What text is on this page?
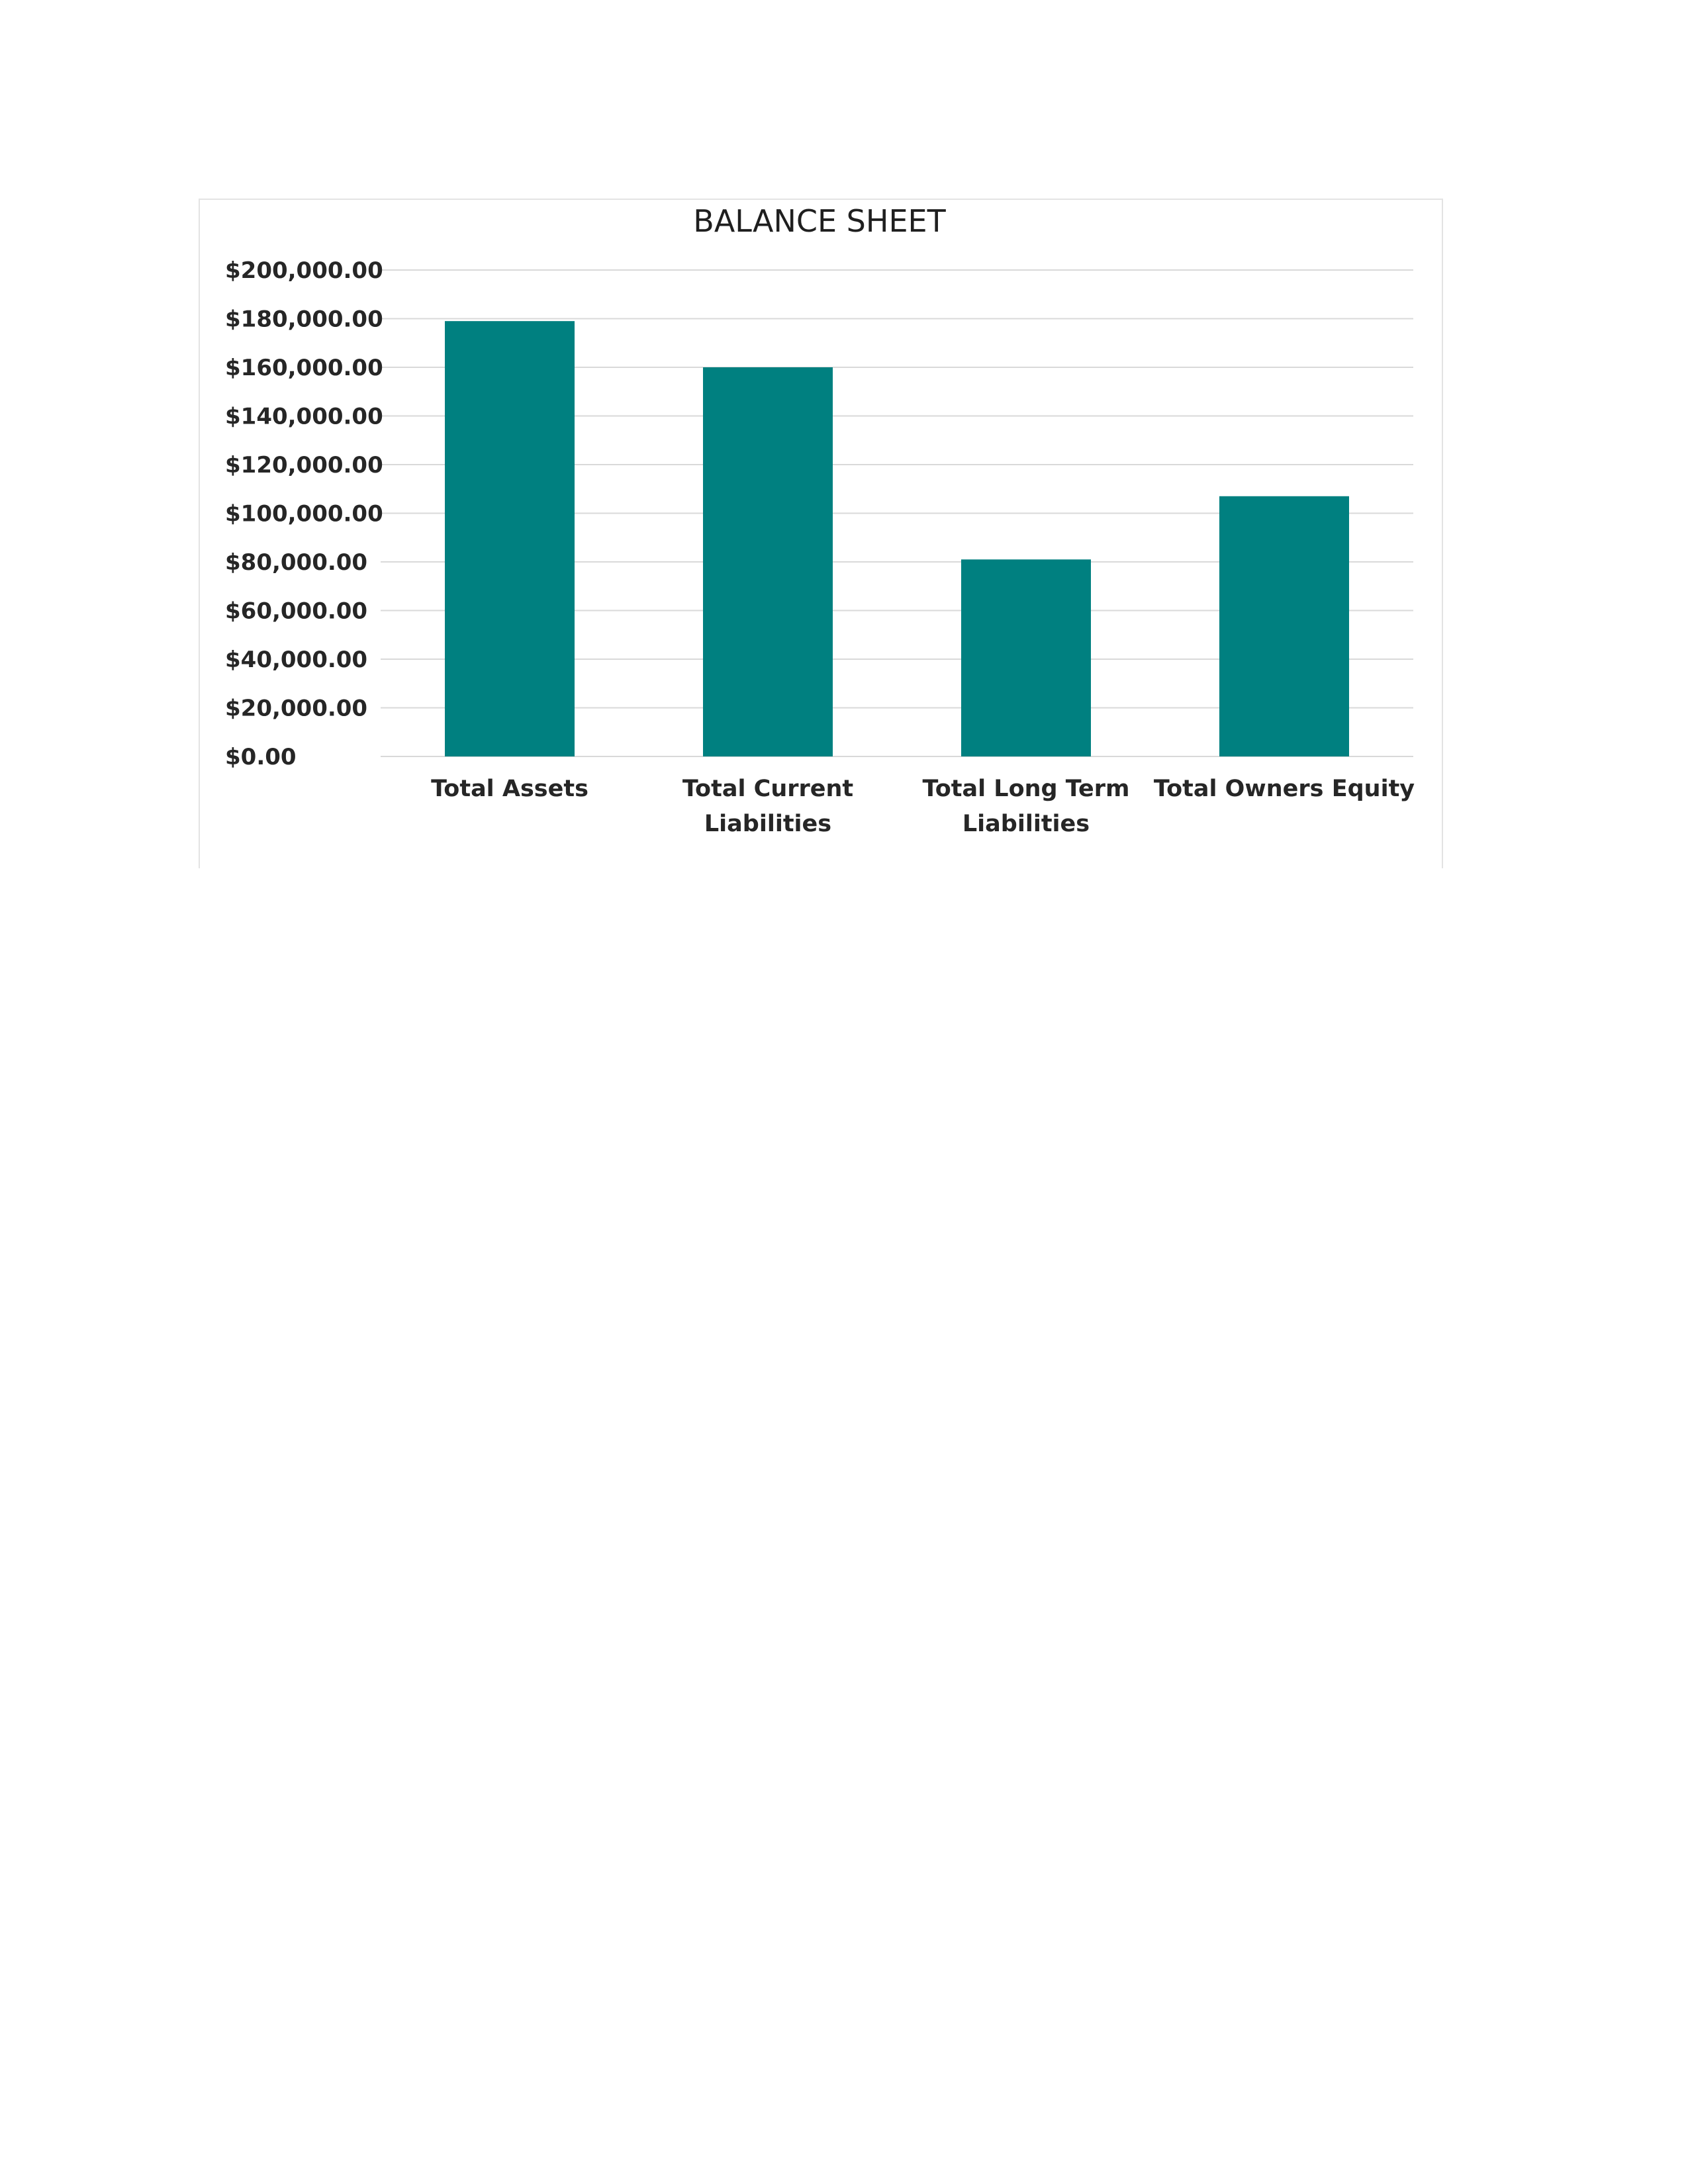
BALANCE SHEET
$0.00
$20,000.00
$40,000.00
$60,000.00
$80,000.00
$100,000.00
$120,000.00
$140,000.00
$160,000.00
$180,000.00
$200,000.00
Total Assets	Total Current Liabilities
Total Long Term Liabilities
Total Owners Equity
